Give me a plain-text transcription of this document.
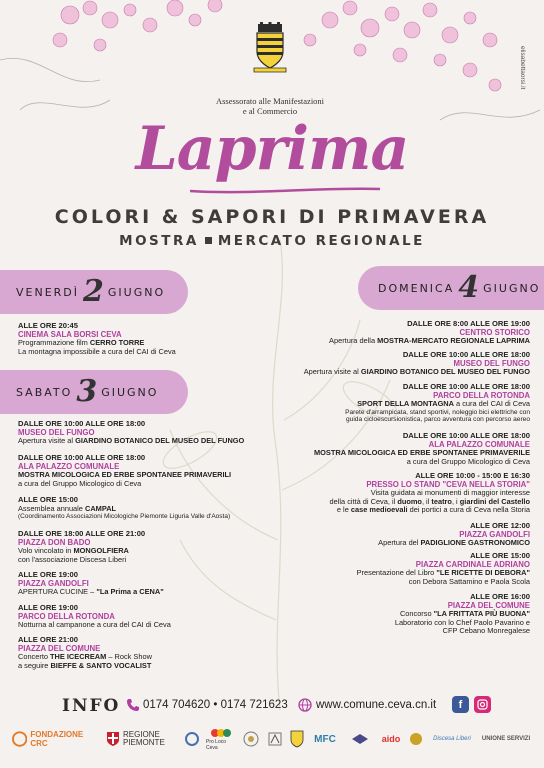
Assessorato alle Manifestazioni
e al Commercio
elisabettaorsi.it
Laprima
COLORI & SAPORI DI PRIMAVERA
MOSTRA MERCATO REGIONALE
VENERDÌ 2 GIUGNO	DOMENICA 4 GIUGNO
SABATO 3 GIUGNO
ALLE ORE 20:45
CINEMA SALA BORSI CEVA
Programmazione film CERRO TORRE
La montagna impossibile a cura del CAI di Ceva
DALLE ORE 10:00 ALLE ORE 18:00
MUSEO DEL FUNGO
Apertura visite al GIARDINO BOTANICO DEL MUSEO DEL FUNGO
DALLE ORE 10:00 ALLE ORE 18:00
ALA PALAZZO COMUNALE
MOSTRA MICOLOGICA ED ERBE SPONTANEE PRIMAVERILI
a cura del Gruppo Micologico di Ceva
ALLE ORE 15:00
Assemblea annuale CAMPAL
(Coordinamento Associazioni Micologiche Piemonte Liguria Valle d'Aosta)
DALLE ORE 18:00 ALLE ORE 21:00
PIAZZA DON BADO
Volo vincolato in MONGOLFIERA
con l'associazione Discesa Liberi
ALLE ORE 19:00
PIAZZA GANDOLFI
APERTURA CUCINE – "La Prima a CENA"
ALLE ORE 19:00
PARCO DELLA ROTONDA
Notturna al campanone a cura del CAI di Ceva
ALLE ORE 21:00
PIAZZA DEL COMUNE
Concerto THE ICECREAM – Rock Show
a seguire BIEFFE & SANTO VOCALIST
DALLE ORE 8:00 ALLE ORE 19:00
CENTRO STORICO
Apertura della MOSTRA-MERCATO REGIONALE LAPRIMA
DALLE ORE 10:00 ALLE ORE 18:00
MUSEO DEL FUNGO
Apertura visite al GIARDINO BOTANICO DEL MUSEO DEL FUNGO
DALLE ORE 10:00 ALLE ORE 18:00
PARCO DELLA ROTONDA
SPORT DELLA MONTAGNA a cura del CAI di Ceva
Parete d'arrampicata, stand sportivi, noleggio bici elettriche con
guida cicloescursionistica, parco avventura con percorso aereo
DALLE ORE 10:00 ALLE ORE 18:00
ALA PALAZZO COMUNALE
MOSTRA MICOLOGICA ED ERBE SPONTANEE PRIMAVERILE
a cura del Gruppo Micologico di Ceva
ALLE ORE 10:00 - 15:00 E 16:30
PRESSO LO STAND "CEVA NELLA STORIA"
Visita guidata ai monumenti di maggior interesse
della città di Ceva, il duomo, il teatro, i giardini del Castello
e le case medioevali dei portici a cura di Ceva nella Storia
ALLE ORE 12:00
PIAZZA GANDOLFI
Apertura del PADIGLIONE GASTRONOMICO
ALLE ORE 15:00
PIAZZA CARDINALE ADRIANO
Presentazione del Libro "LE RICETTE DI DEBORA"
con Debora Sattamino e Paola Scola
ALLE ORE 16:00
PIAZZA DEL COMUNE
Concorso "LA FRITTATA PIÙ BUONA"
Laboratorio con lo Chef Paolo Pavarino e
CFP Cebano Monregalese
INFO 0174 704620 • 0174 721623 www.comune.ceva.cn.it	f
FONDAZIONE CRC
REGIONE
PIEMONTE	Pro Loco Ceva
MFC	aido	Discesa Liberi UNIONE SERVIZI
